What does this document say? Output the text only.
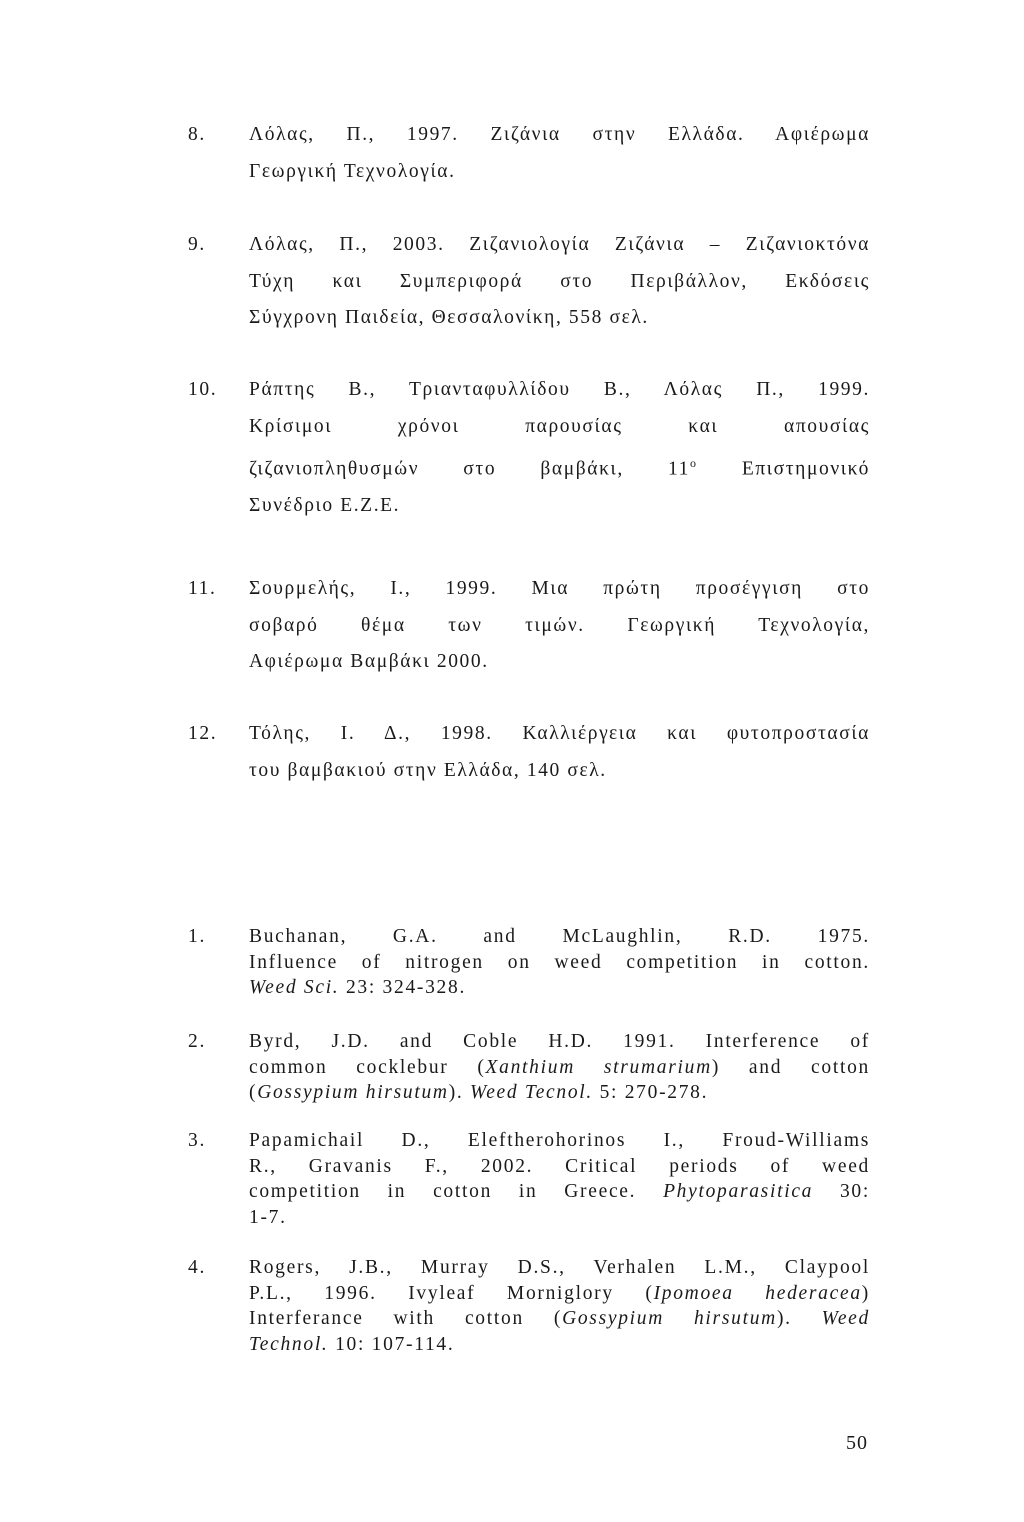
8. Λόλας, Π., 1997. Ζιζάνια στην Ελλάδα. Αφιέρωμα
Γεωργική Τεχνολογία.
9. Λόλας, Π., 2003. Ζιζανιολογία Ζιζάνια – Ζιζανιοκτόνα
Τύχη και Συμπεριφορά στο Περιβάλλον, Εκδόσεις
Σύγχρονη Παιδεία, Θεσσαλονίκη, 558 σελ.
10. Ράπτης Β., Τριανταφυλλίδου Β., Λόλας Π., 1999.
Κρίσιμοι χρόνοι παρουσίας και απουσίας
ζιζανιοπληθυσμών στο βαμβάκι, $11^o$ Επιστημονικό
Συνέδριο Ε.Ζ.Ε.
11. Σουρμελής, Ι., 1999. Μια πρώτη προσέγγιση στο
σοβαρό θέμα των τιμών. Γεωργική Τεχνολογία,
Αφιέρωμα Βαμβάκι 2000.
12. Τόλης, Ι. Δ., 1998. Καλλιέργεια και φυτοπροστασία
του βαμβακιού στην Ελλάδα, 140 σελ.
1. Buchanan, G.A. and McLaughlin, R.D. 1975.
Influence of nitrogen on weed competition in cotton.
Weed Sci. 23: 324-328.
2. Byrd, J.D. and Coble H.D. 1991. Interference of
common cocklebur (Xanthium strumarium) and cotton
(Gossypium hirsutum). Weed Tecnol. 5: 270-278.
3. Papamichail D., Eleftherohorinos I., Froud-Williams
R., Gravanis F., 2002. Critical periods of weed
competition in cotton in Greece. Phytoparasitica 30:
1-7.
4. Rogers, J.B., Murray D.S., Verhalen L.M., Claypool
P.L., 1996. Ivyleaf Morniglory (Ipomoea hederacea)
Interferance with cotton (Gossypium hirsutum). Weed
Technol. 10: 107-114.
50
